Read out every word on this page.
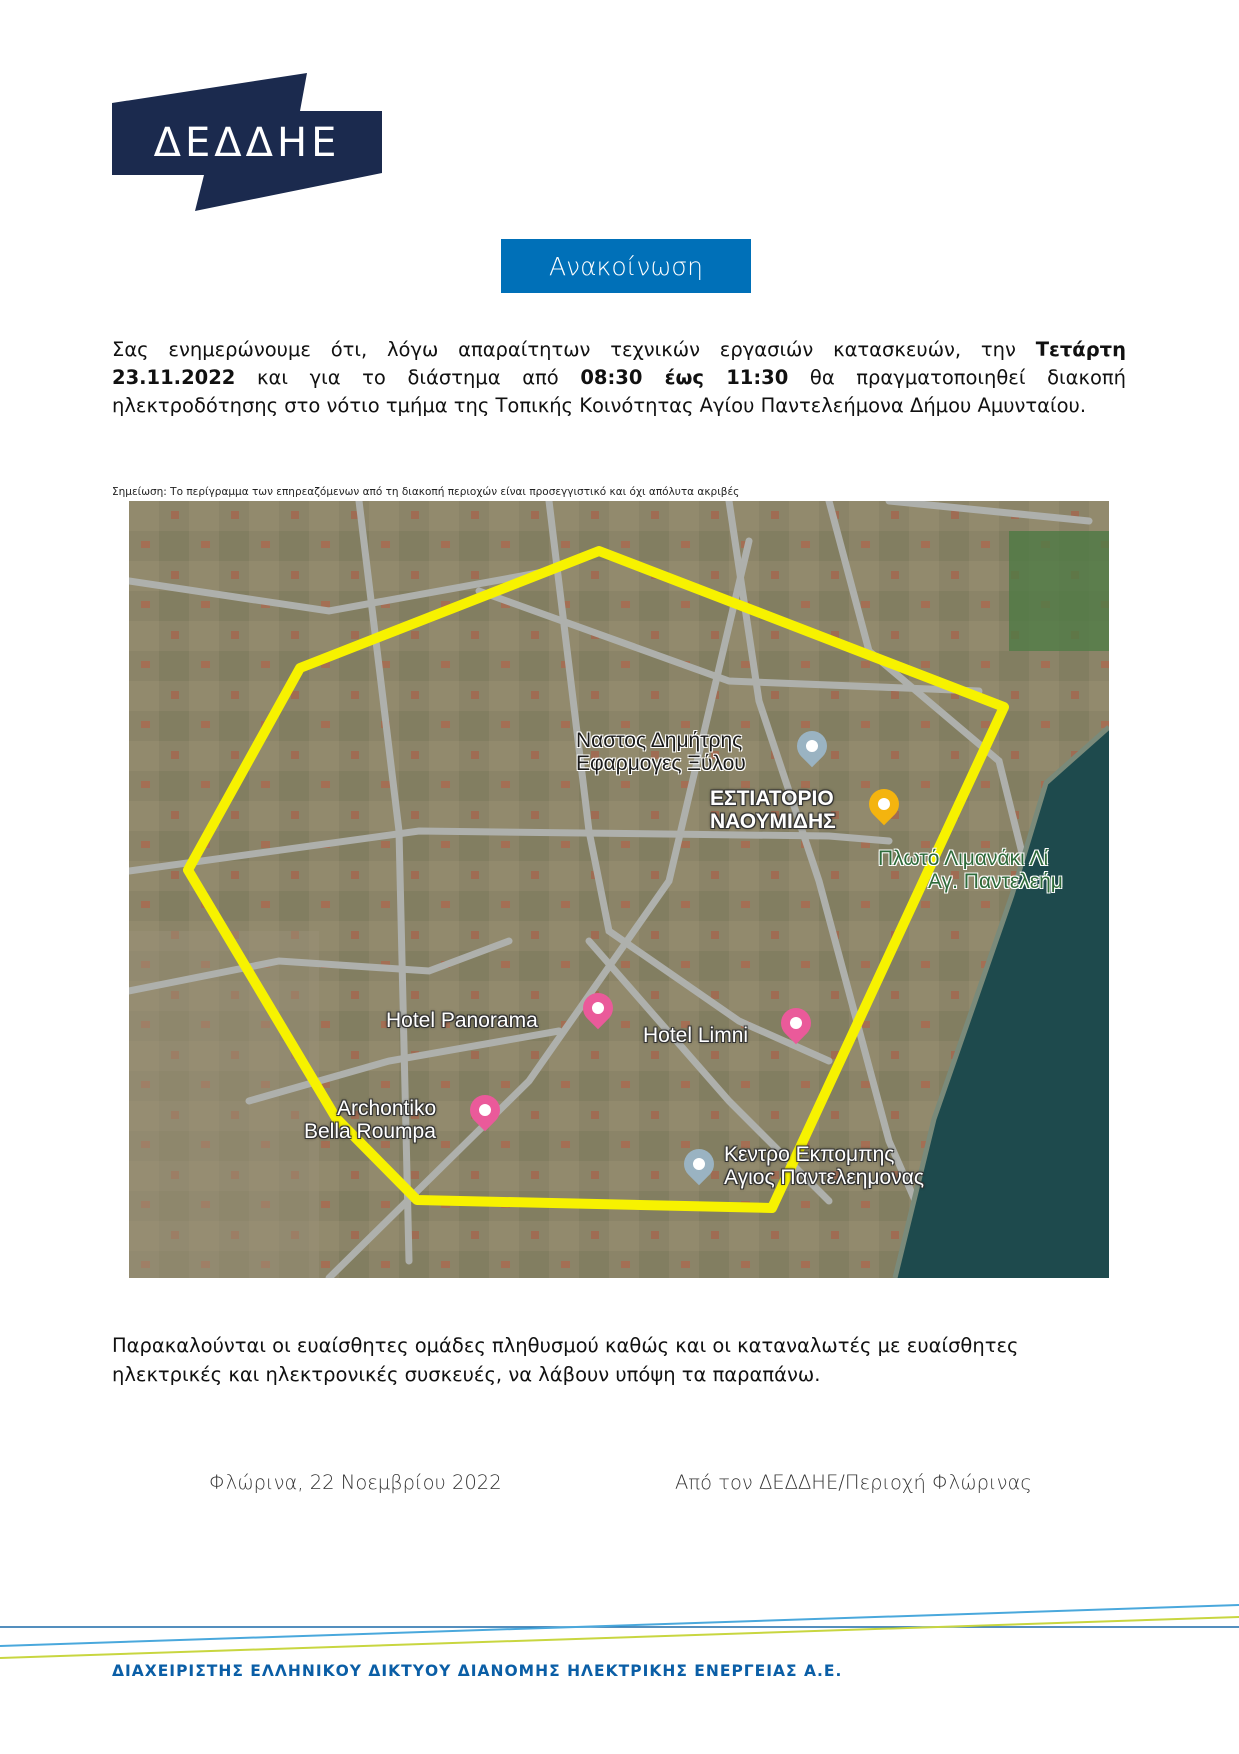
ΔΕΔΔΗΕ
Ανακοίνωση
Σας ενημερώνουμε ότι, λόγω απαραίτητων τεχνικών εργασιών κατασκευών, την Τετάρτη 23.11.2022 και για το διάστημα από 08:30 έως 11:30 θα πραγματοποιηθεί διακοπή ηλεκτροδότησης στο νότιο τμήμα της Τοπικής Κοινότητας Αγίου Παντελεήμονα Δήμου Αμυνταίου.
Σημείωση: Το περίγραμμα των επηρεαζόμενων από τη διακοπή περιοχών είναι προσεγγιστικό και όχι απόλυτα ακριβές
Ναστος Δημήτρης
Εφαρμογες Ξύλου
ΕΣΤΙΑΤΟΡΙΟ
ΝΑΟΥΜΙΔΗΣ
Πλωτό Λιμανάκι Λί
Αγ. Παντελεήμ
Hotel Panorama
Hotel Limni
Archontiko
Bella Roumpa
Κεντρο Εκπομπης
Αγιος Παντελεημονας
Παρακαλούνται οι ευαίσθητες ομάδες πληθυσμού καθώς και οι καταναλωτές με ευαίσθητες ηλεκτρικές και ηλεκτρονικές συσκευές, να λάβουν υπόψη τα παραπάνω.
Φλώρινα, 22 Νοεμβρίου 2022	Από τον ΔΕΔΔΗΕ/Περιοχή Φλώρινας
ΔΙΑΧΕΙΡΙΣΤΗΣ ΕΛΛΗΝΙΚΟΥ ΔΙΚΤΥΟΥ ΔΙΑΝΟΜΗΣ ΗΛΕΚΤΡΙΚΗΣ ΕΝΕΡΓΕΙΑΣ Α.Ε.
